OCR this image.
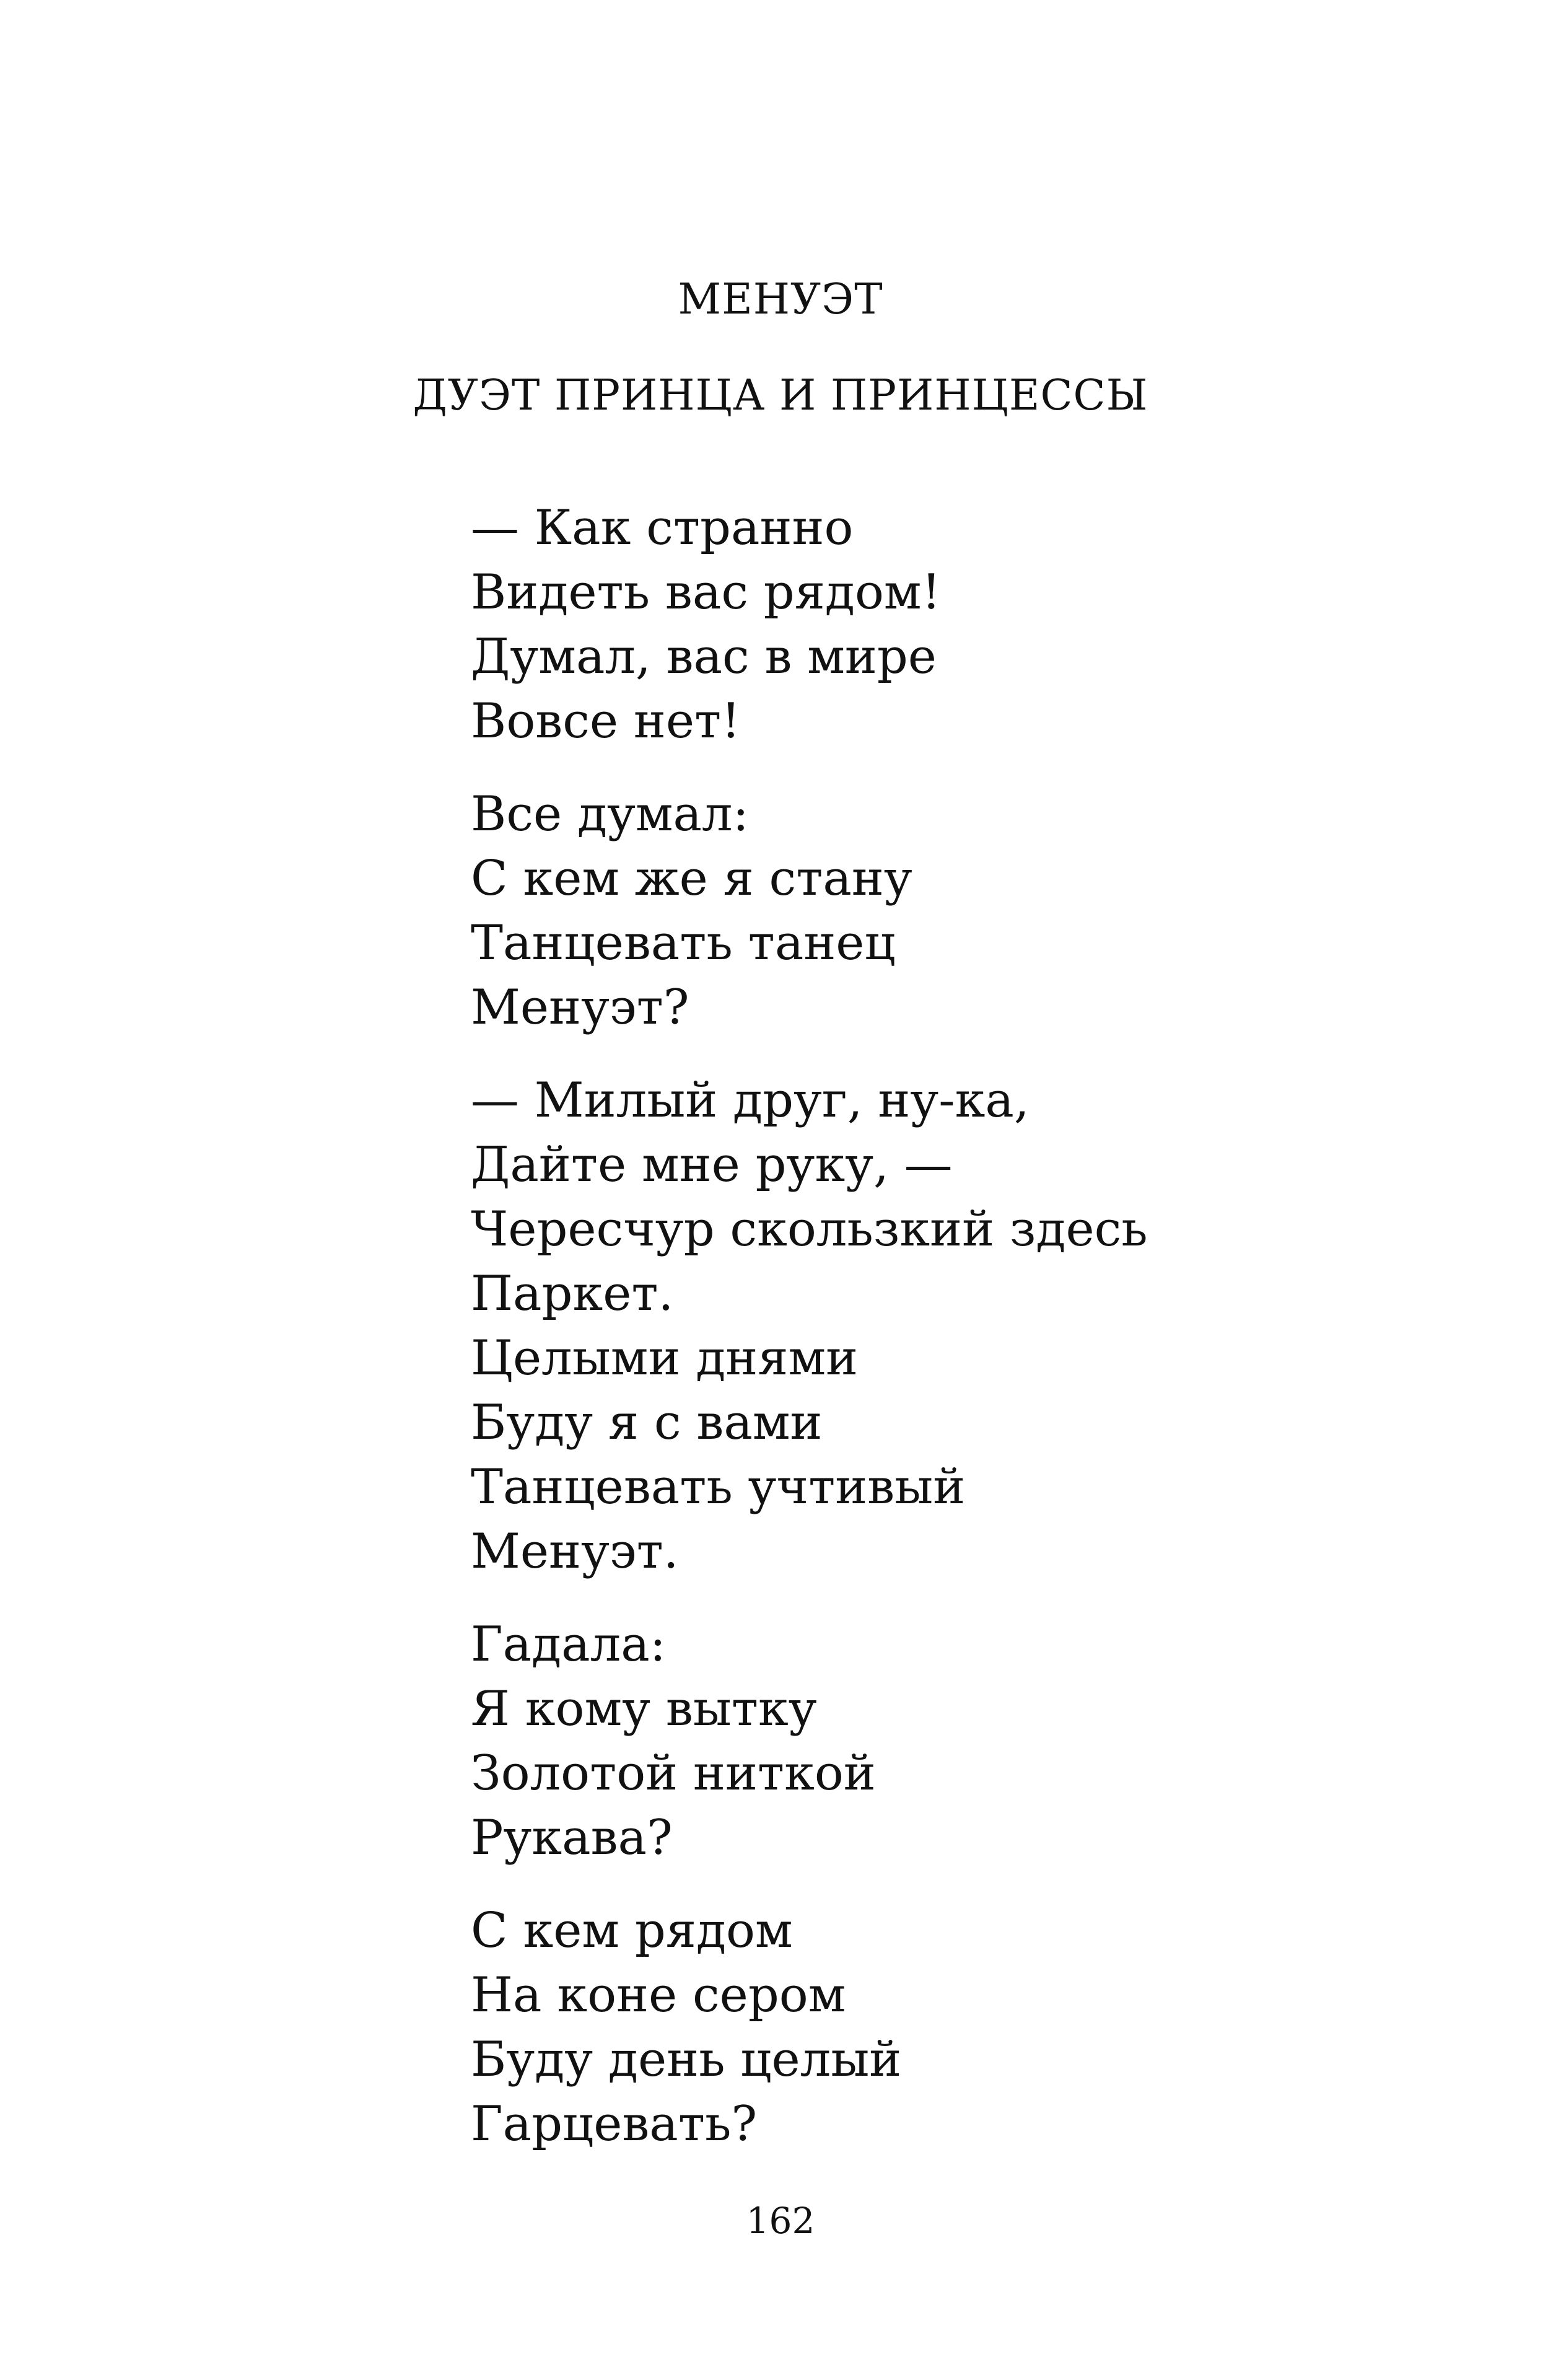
МЕНУЭТ
ДУЭТ ПРИНЦА И ПРИНЦЕССЫ
— Как странно
Видеть вас рядом!
Думал, вас в мире
Вовсе нет!
Все думал:
С кем же я стану
Танцевать танец
Менуэт?
— Милый друг, ну-ка,
Дайте мне руку, —
Чересчур скользкий здесь
Паркет.
Целыми днями
Буду я с вами
Танцевать учтивый
Менуэт.
Гадала:
Я кому вытку
Золотой ниткой
Рукава?
С кем рядом
На коне сером
Буду день целый
Гарцевать?
162
